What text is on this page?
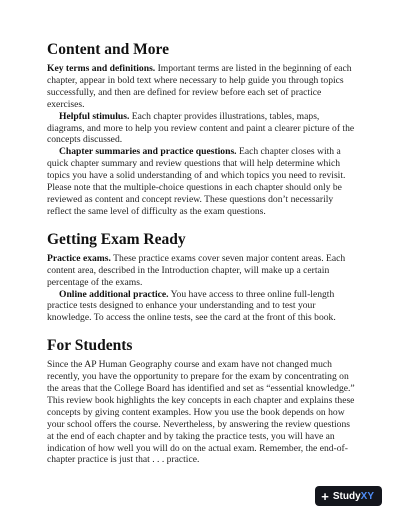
Content and More

Key terms and definitions. Important terms are listed in the beginning of each chapter, appear in bold text where necessary to help guide you through topics successfully, and then are defined for review before each set of practice exercises.

Helpful stimulus. Each chapter provides illustrations, tables, maps, diagrams, and more to help you review content and paint a clearer picture of the concepts discussed.

Chapter summaries and practice questions. Each chapter closes with a quick chapter summary and review questions that will help determine which topics you have a solid understanding of and which topics you need to revisit. Please note that the multiple-choice questions in each chapter should only be reviewed as content and concept review. These questions don’t necessarily reflect the same level of difficulty as the exam questions.

Getting Exam Ready

Practice exams. These practice exams cover seven major content areas. Each content area, described in the Introduction chapter, will make up a certain percentage of the exams.

Online additional practice. You have access to three online full-length practice tests designed to enhance your understanding and to test your knowledge. To access the online tests, see the card at the front of this book.

For Students

Since the AP Human Geography course and exam have not changed much recently, you have the opportunity to prepare for the exam by concentrating on the areas that the College Board has identified and set as “essential knowledge.” This review book highlights the key concepts in each chapter and explains these concepts by giving content examples. How you use the book depends on how your school offers the course. Nevertheless, by answering the review questions at the end of each chapter and by taking the practice tests, you will have an indication of how well you will do on the actual exam. Remember, the end-of-chapter practice is just that . . . practice.

+ StudyXY
